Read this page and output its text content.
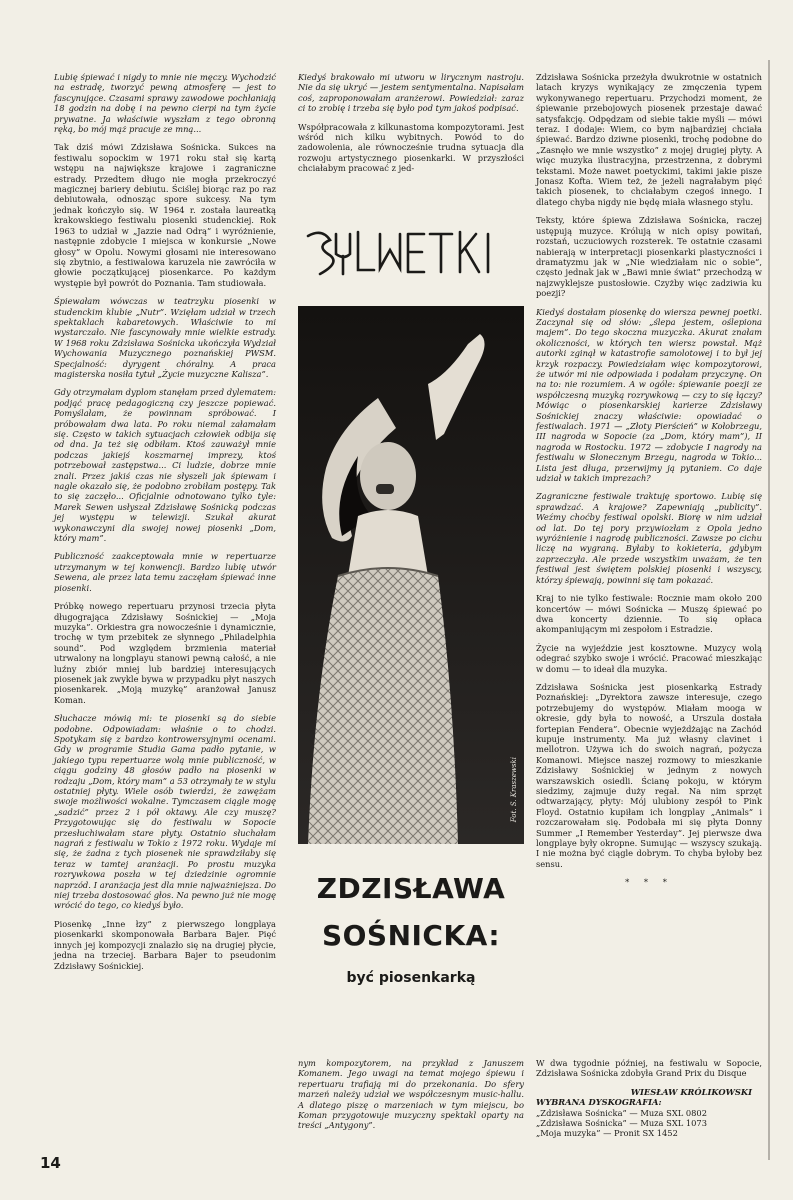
Lubię śpiewać i nigdy to mnie nie męczy. Wychodzić na estradę, tworzyć pewną atmosferę — jest to fascynujące. Czasami sprawy zawodowe pochłaniają 18 godzin na dobę i na pewno cierpi na tym życie prywatne. Ja właściwie wyszłam z tego obronną ręką, bo mój mąż pracuje ze mną...

Tak dziś mówi Zdzisława Sośnicka. Sukces na festiwalu sopockim w 1971 roku stał się kartą wstępu na największe krajowe i zagraniczne estrady. Przedtem długo nie mogła przekroczyć magicznej bariery debiutu. Ściślej biorąc raz po raz debiutowała, odnosząc spore sukcesy. Na tym jednak kończyło się. W 1964 r. została laureatką krakowskiego festiwalu piosenki studenckiej. Rok 1963 to udział w „Jazzie nad Odrą” i wyróżnienie, następnie zdobycie I miejsca w konkursie „Nowe głosy” w Opolu. Nowymi głosami nie interesowano się zbytnio, a festiwalowa karuzela nie zawróciła w głowie początkującej piosenkarce. Po każdym występie był powrót do Poznania. Tam studiowała.

Śpiewałam wówczas w teatrzyku piosenki w studenckim klubie „Nutr”. Wzięłam udział w trzech spektaklach kabaretowych. Właściwie to mi wystarczało. Nie fascynowały mnie wielkie estrady. W 1968 roku Zdzisława Sośnicka ukończyła Wydział Wychowania Muzycznego poznańskiej PWSM. Specjalność: dyrygent chóralny. A praca magisterska nosiła tytuł „Życie muzyczne Kalisza”.

Gdy otrzymałam dyplom stanęłam przed dylematem: podjąć pracę pedagogiczną czy jeszcze popiewać. Pomyślałam, że powinnam spróbować. I próbowałam dwa lata. Po roku niemal załamałam się. Często w takich sytuacjach człowiek odbija się od dna. Ja też się odbiłam. Ktoś zauważył mnie podczas jakiejś koszmarnej imprezy, ktoś potrzebował zastępstwa... Ci ludzie, dobrze mnie znali. Przez jakiś czas nie słyszeli jak śpiewam i nagle okazało się, że podobno zrobiłam postępy. Tak to się zaczęło... Oficjalnie odnotowano tylko tyle: Marek Sewen usłyszał Zdzisławę Sośnicką podczas jej występu w telewizji. Szukał akurat wykonawczyni dla swojej nowej piosenki „Dom, który mam”.

Publiczność zaakceptowała mnie w repertuarze utrzymanym w tej konwencji. Bardzo lubię utwór Sewena, ale przez lata temu zaczęłam śpiewać inne piosenki.

Próbkę nowego repertuaru przynosi trzecia płyta długogrająca Zdzisławy Sośnickiej — „Moja muzyka”. Orkiestra gra nowocześnie i dynamicznie, trochę w tym przebitek ze słynnego „Philadelphia sound”. Pod względem brzmienia materiał utrwalony na longplayu stanowi pewną całość, a nie luźny zbiór mniej lub bardziej interesujących piosenek jak zwykle bywa w przypadku płyt naszych piosenkarek. „Moją muzykę” aranżował Janusz Koman.

Słuchacze mówią mi: te piosenki są do siebie podobne. Odpowiadam: właśnie o to chodzi. Spotykam się z bardzo kontrowersyjnymi ocenami. Gdy w programie Studia Gama padło pytanie, w jakiego typu repertuarze wolą mnie publiczność, w ciągu godziny 48 głosów padło na piosenki w rodzaju „Dom, który mam” a 53 otrzymały te w stylu ostatniej płyty. Wiele osób twierdzi, że zawężam swoje możliwości wokalne. Tymczasem ciągle mogę „sadzić” przez 2 i pół oktawy. Ale czy muszę? Przygotowując się do festiwalu w Sopocie przesłuchiwałam stare płyty. Ostatnio słuchałam nagrań z festiwalu w Tokio z 1972 roku. Wydaje mi się, że żadna z tych piosenek nie sprawdziłaby się teraz w tamtej aranżacji. Po prostu muzyka rozrywkowa poszła w tej dziedzinie ogromnie naprzód. I aranżacja jest dla mnie najważniejsza. Do niej trzeba dostosować głos. Na pewno już nie mogę wrócić do tego, co kiedyś było.

Piosenkę „Inne łzy” z pierwszego longplaya piosenkarki skomponowała Barbara Bajer. Pięć innych jej kompozycji znalazło się na drugiej płycie, jedna na trzeciej. Barbara Bajer to pseudonim Zdzisławy Sośnickiej.

Kiedyś brakowało mi utworu w lirycznym nastroju. Nie da się ukryć — jestem sentymentalna. Napisałam coś, zaproponowałam aranżerowi. Powiedział: zaraz ci to zrobię i trzeba się było pod tym jakoś podpisać.

Współpracowała z kilkunastoma kompozytorami. Jest wśród nich kilku wybitnych. Powód to do zadowolenia, ale równocześnie trudna sytuacja dla rozwoju artystycznego piosenkarki. W przyszłości chciałabym pracować z jed-

Fot. S. Kraszewski
ZDZISŁAWA
SOŚNICKA:
być piosenkarką

nym kompozytorem, na przykład z Januszem Komanem. Jego uwagi na temat mojego śpiewu i repertuaru trafiają mi do przekonania. Do sfery marzeń należy udział we współczesnym music-hallu. A dlatego piszę o marzeniach w tym miejscu, bo Koman przygotowuje muzyczny spektakl oparty na treści „Antygony”.

Zdzisława Sośnicka przeżyła dwukrotnie w ostatnich latach kryzys wynikający ze zmęczenia typem wykonywanego repertuaru. Przychodzi moment, że śpiewanie przebojowych piosenek przestaje dawać satysfakcję. Odpędzam od siebie takie myśli — mówi teraz. I dodaje: Wiem, co bym najbardziej chciała śpiewać. Bardzo dziwne piosenki, trochę podobne do „Zasnęło we mnie wszystko” z mojej drugiej płyty. A więc muzyka ilustracyjna, przestrzenna, z dobrymi tekstami. Może nawet poetyckimi, takimi jakie pisze Jonasz Kofta. Wiem też, że jeżeli nagrałabym pięć takich piosenek, to chciałabym czegoś innego. I dlatego chyba nigdy nie będę miała własnego stylu.

Teksty, które śpiewa Zdzisława Sośnicka, raczej ustępują muzyce. Królują w nich opisy powitań, rozstań, uczuciowych rozsterek. Te ostatnie czasami nabierają w interpretacji piosenkarki plastyczności i dramatyzmu jak w „Nie wiedziałam nic o sobie”, często jednak jak w „Bawi mnie świat” przechodzą w najzwyklejsze pustosłowie. Czyżby więc zadziwia ku poezji?

Kiedyś dostałam piosenkę do wiersza pewnej poetki. Zaczynał się od słów: „ślepa jestem, oślepiona majem”. Do tego skoczna muzyczka. Akurat znałam okoliczności, w których ten wiersz powstał. Mąż autorki zginął w katastrofie samolotowej i to był jej krzyk rozpaczy. Powiedziałam więc kompozytorowi, że utwór mi nie odpowiada i podałam przyczynę. On na to: nie rozumiem. A w ogóle: śpiewanie poezji ze współczesną muzyką rozrywkową — czy to się łączy? Mówiąc o piosenkarskiej karierze Zdzisławy Sośnickiej znaczy właściwie: opowiadać o festiwalach. 1971 — „Złoty Pierścień” w Kołobrzegu, III nagroda w Sopocie (za „Dom, który mam”), II nagroda w Rostocku. 1972 — zdobycie I nagrody na festiwalu w Słonecznym Brzegu, nagroda w Tokio... Lista jest długa, przerwijmy ją pytaniem. Co daje udział w takich imprezach?

Zagraniczne festiwale traktuję sportowo. Lubię się sprawdzać. A krajowe? Zapewniają „publicity”. Weźmy choćby festiwal opolski. Biorę w nim udział od lat. Do tej pory przywiozłam z Opola jedno wyróżnienie i nagrodę publiczności. Zawsze po cichu liczę na wygraną. Byłaby to kokieteria, gdybym zaprzeczyła. Ale przede wszystkim uważam, że ten festiwal jest świętem polskiej piosenki i wszyscy, którzy śpiewają, powinni się tam pokazać.

Kraj to nie tylko festiwale: Rocznie mam około 200 koncertów — mówi Sośnicka — Muszę śpiewać po dwa koncerty dziennie. To się opłaca akompaniującym mi zespołom i Estradzie.

Życie na wyjeździe jest kosztowne. Muzycy wolą odegrać szybko swoje i wrócić. Pracować mieszkając w domu — to ideał dla muzyka.

Zdzisława Sośnicka jest piosenkarką Estrady Poznańskiej: „Dyrektora zawsze interesuje, czego potrzebujemy do występów. Miałam mooga w okresie, gdy była to nowość, a Urszula dostała fortepian Fendera”. Obecnie wyjeżdżając na Zachód kupuje instrumenty. Ma już własny clavinet i mellotron. Używa ich do swoich nagrań, pożycza Komanowi. Miejsce naszej rozmowy to mieszkanie Zdzisławy Sośnickiej w jednym z nowych warszawskich osiedli. Ścianę pokoju, w którym siedzimy, zajmuje duży regał. Na nim sprzęt odtwarzający, płyty: Mój ulubiony zespół to Pink Floyd. Ostatnio kupiłam ich longplay „Animals” i rozczarowałam się. Podobała mi się płyta Donny Summer „I Remember Yesterday”. Jej pierwsze dwa longplaye były okropne. Sumując — wszyscy szukają. I nie można być ciągle dobrym. To chyba byłoby bez sensu.

* * *

W dwa tygodnie później, na festiwalu w Sopocie, Zdzisława Sośnicka zdobyła Grand Prix du Disque

WIESŁAW KRÓLIKOWSKI
WYBRANA DYSKOGRAFIA:
„Zdzisława Sośnicka” — Muza SXL 0802
„Zdzisława Sośnicka” — Muza SXL 1073
„Moja muzyka” — Pronit SX 1452
14
